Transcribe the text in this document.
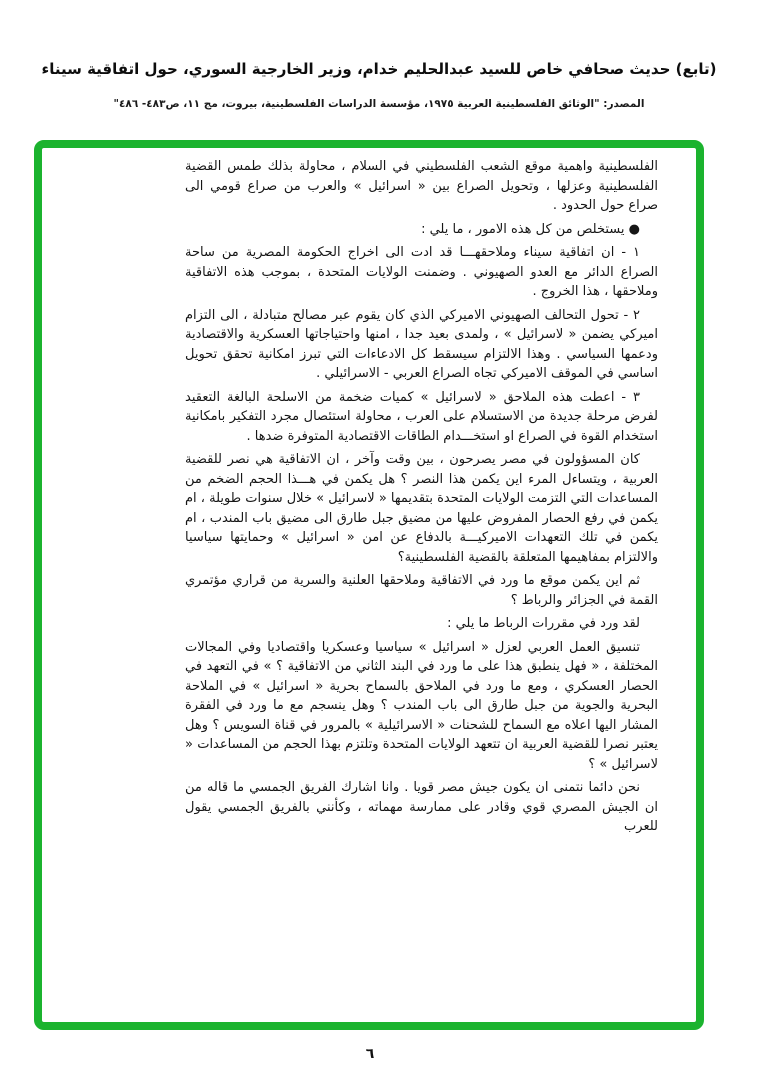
(تابع) حديث صحافي خاص للسيد عبدالحليم خدام، وزير الخارجية السوري، حول اتفاقية سيناء
المصدر: "الوثائق الفلسطينية العربية ١٩٧٥، مؤسسة الدراسات الفلسطينية، بيروت، مج ١١، ص٤٨٣- ٤٨٦"

الفلسطينية واهمية موقع الشعب الفلسطيني في السلام ، محاولة بذلك طمس القضية الفلسطينية وعزلها ، وتحويل الصراع بين « اسرائيل » والعرب من صراع قومي الى صراع حول الحدود .

● يستخلص من كل هذه الامور ، ما يلي :

١ - ان اتفاقية سيناء وملاحقهـــا قد ادت الى اخراج الحكومة المصرية من ساحة الصراع الدائر مع العدو الصهيوني . وضمنت الولايات المتحدة ، بموجب هذه الاتفاقية وملاحقها ، هذا الخروج .

٢ - تحول التحالف الصهيوني الاميركي الذي كان يقوم عبر مصالح متبادلة ، الى التزام اميركي يضمن « لاسرائيل » ، ولمدى بعيد جدا ، امنها واحتياجاتها العسكرية والاقتصادية ودعمها السياسي . وهذا الالتزام سيسقط كل الادعاءات التي تبرز امكانية تحقق تحويل اساسي في الموقف الاميركي تجاه الصراع العربي - الاسرائيلي .

٣ - اعطت هذه الملاحق « لاسرائيل » كميات ضخمة من الاسلحة البالغة التعقيد لفرض مرحلة جديدة من الاستسلام على العرب ، محاولة استئصال مجرد التفكير بامكانية استخدام القوة في الصراع او استخـــدام الطاقات الاقتصادية المتوفرة ضدها .

كان المسؤولون في مصر يصرحون ، بين وقت وآخر ، ان الاتفاقية هي نصر للقضية العربية ، ويتساءل المرء اين يكمن هذا النصر ؟ هل يكمن في هـــذا الحجم الضخم من المساعدات التي التزمت الولايات المتحدة بتقديمها « لاسرائيل » خلال سنوات طويلة ، ام يكمن في رفع الحصار المفروض عليها من مضيق جبل طارق الى مضيق باب المندب ، ام يكمن في تلك التعهدات الاميركيـــة بالدفاع عن امن « اسرائيل » وحمايتها سياسيا والالتزام بمفاهيمها المتعلقة بالقضية الفلسطينية؟

ثم اين يكمن موقع ما ورد في الاتفاقية وملاحقها العلنية والسرية من قراري مؤتمري القمة في الجزائر والرباط ؟

لقد ورد في مقررات الرباط ما يلي :

تنسيق العمل العربي لعزل « اسرائيل » سياسيا وعسكريا واقتصاديا وفي المجالات المختلفة ، « فهل ينطبق هذا على ما ورد في البند الثاني من الاتفاقية ؟ » في التعهد في الحصار العسكري ، ومع ما ورد في الملاحق بالسماح بحرية « اسرائيل » في الملاحة البحرية والجوية من جبل طارق الى باب المندب ؟ وهل ينسجم مع ما ورد في الفقرة المشار اليها اعلاه مع السماح للشحنات « الاسرائيلية » بالمرور في قناة السويس ؟ وهل يعتبر نصرا للقضية العربية ان تتعهد الولايات المتحدة وتلتزم بهذا الحجم من المساعدات « لاسرائيل » ؟

نحن دائما نتمنى ان يكون جيش مصر قويا . وانا اشارك الفريق الجمسي ما قاله من ان الجيش المصري قوي وقادر على ممارسة مهماته ، وكأنني بالفريق الجمسي يقول للعرب

٦
